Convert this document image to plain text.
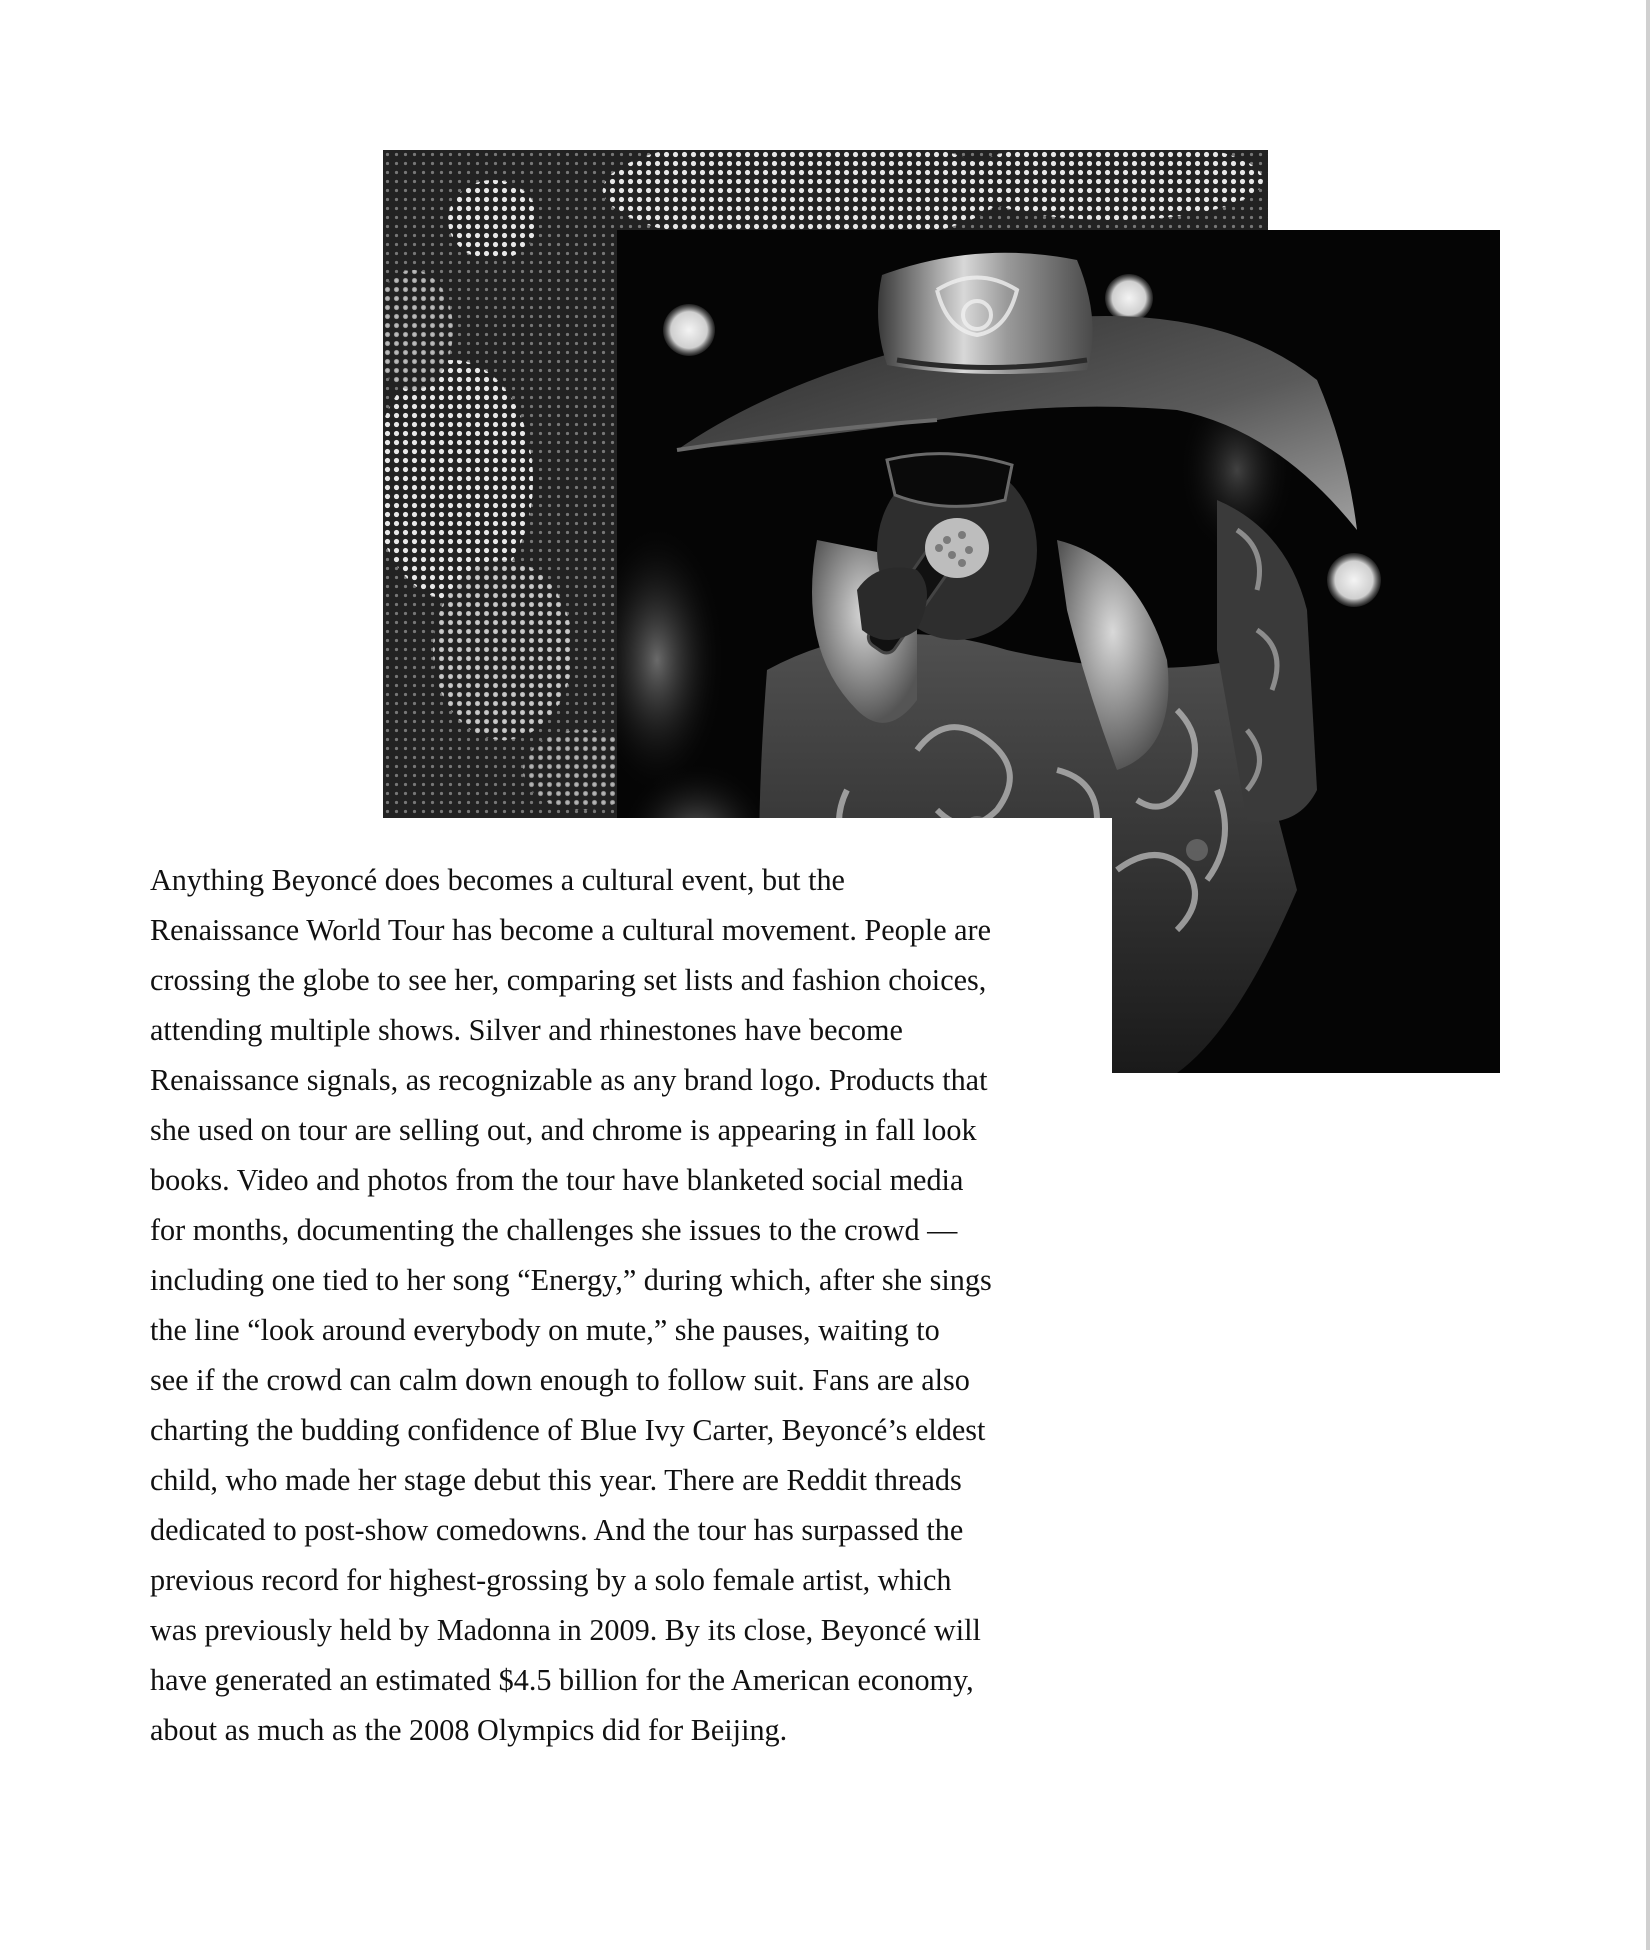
Anything Beyoncé does becomes a cultural event, but the
Renaissance World Tour has become a cultural movement. People are
crossing the globe to see her, comparing set lists and fashion choices,
attending multiple shows. Silver and rhinestones have become
Renaissance signals, as recognizable as any brand logo. Products that
she used on tour are selling out, and chrome is appearing in fall look
books. Video and photos from the tour have blanketed social media
for months, documenting the challenges she issues to the crowd —
including one tied to her song “Energy,” during which, after she sings
the line “look around everybody on mute,” she pauses, waiting to
see if the crowd can calm down enough to follow suit. Fans are also
charting the budding confidence of Blue Ivy Carter, Beyoncé’s eldest
child, who made her stage debut this year. There are Reddit threads
dedicated to post-show comedowns. And the tour has surpassed the
previous record for highest-grossing by a solo female artist, which
was previously held by Madonna in 2009. By its close, Beyoncé will
have generated an estimated $4.5 billion for the American economy,
about as much as the 2008 Olympics did for Beijing.
